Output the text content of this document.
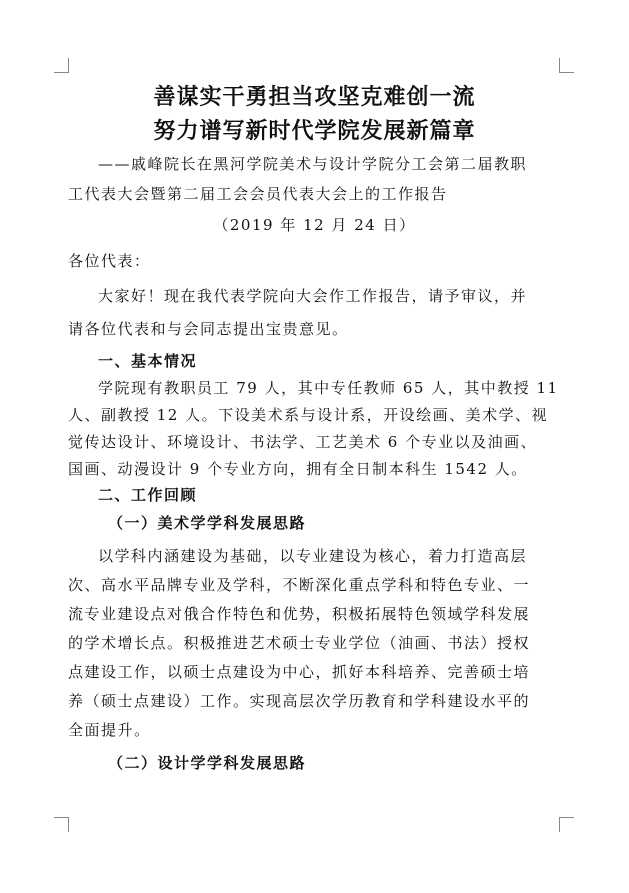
善谋实干勇担当攻坚克难创一流
努力谱写新时代学院发展新篇章
——戚峰院长在黑河学院美术与设计学院分工会第二届教职
工代表大会暨第二届工会会员代表大会上的工作报告
（2019 年 12 月 24 日）
各位代表：
大家好！现在我代表学院向大会作工作报告，请予审议，并
请各位代表和与会同志提出宝贵意见。
一、基本情况
学院现有教职员工 79 人，其中专任教师 65 人，其中教授 11
人、副教授 12 人。下设美术系与设计系，开设绘画、美术学、视
觉传达设计、环境设计、书法学、工艺美术 6 个专业以及油画、
国画、动漫设计 9 个专业方向，拥有全日制本科生 1542 人。
二、工作回顾
（一）美术学学科发展思路
以学科内涵建设为基础，以专业建设为核心，着力打造高层
次、高水平品牌专业及学科，不断深化重点学科和特色专业、一
流专业建设点对俄合作特色和优势，积极拓展特色领域学科发展
的学术增长点。积极推进艺术硕士专业学位（油画、书法）授权
点建设工作，以硕士点建设为中心，抓好本科培养、完善硕士培
养（硕士点建设）工作。实现高层次学历教育和学科建设水平的
全面提升。
（二）设计学学科发展思路
